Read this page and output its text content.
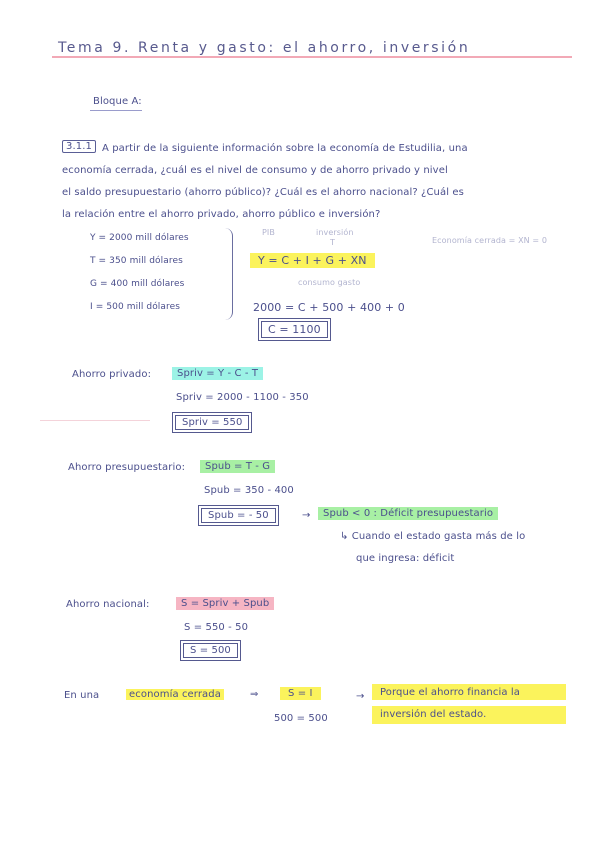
Tema 9. Renta y gasto: el ahorro, inversión
Bloque A:
3.1.1	A partir de la siguiente información sobre la economía de Estudilia, una
economía cerrada, ¿cuál es el nivel de consumo y de ahorro privado y nivel
el saldo presupuestario (ahorro público)? ¿Cuál es el ahorro nacional? ¿Cuál es
la relación entre el ahorro privado, ahorro público e inversión?
Y = 2000 mill dólares
T = 350 mill dólares
G = 400 mill dólares
I = 500 mill dólares
PIB	inversión
T	Economía cerrada = XN = 0
Y = C + I + G + XN
consumo gasto
2000 = C + 500 + 400 + 0
C = 1100
Ahorro privado:	Spriv = Y - C - T
Spriv = 2000 - 1100 - 350
Spriv = 550
Ahorro presupuestario:	Spub = T - G
Spub = 350 - 400
Spub = - 50	→	Spub < 0 : Déficit presupuestario
↳ Cuando el estado gasta más de lo
que ingresa: déficit
Ahorro nacional:	S = Spriv + Spub
S = 550 - 50
S = 500
En una	economía cerrada	⇒	S = I
500 = 500
→	Porque el ahorro financia la
inversión del estado.
